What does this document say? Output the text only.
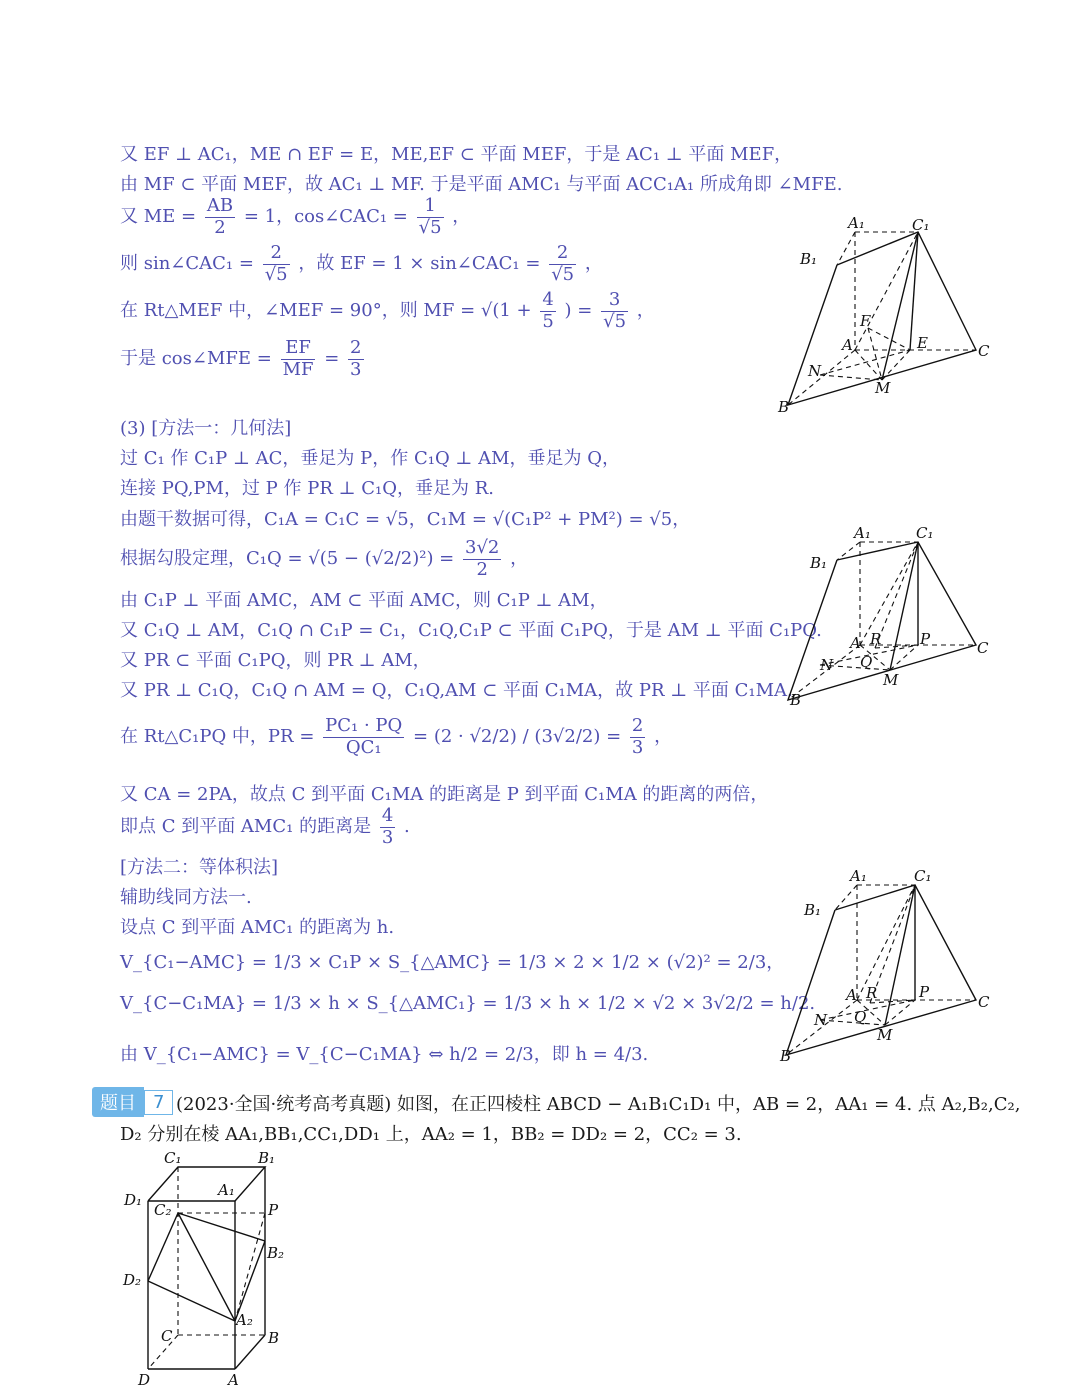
又 EF ⊥ AC₁，ME ∩ EF = E，ME,EF ⊂ 平面 MEF，于是 AC₁ ⊥ 平面 MEF，
由 MF ⊂ 平面 MEF，故 AC₁ ⊥ MF. 于是平面 AMC₁ 与平面 ACC₁A₁ 所成角即 ∠MFE.
又 ME = $\frac{AB}{2} = 1$，cos∠CAC₁ = $\frac{1}{√5}$ ，
则 sin∠CAC₁ = $\frac{2}{√5}$ ，故 EF = 1 × sin∠CAC₁ = $\frac{2}{√5}$ ，
在 Rt△MEF 中，∠MEF = 90°，则 MF = $√(1 + \frac{4}{5}$ ) = $\frac{3}{√5}$ ，
于是 cos∠MFE = $\frac{EF}{MF} = \frac{2}{3}$
(3) [方法一：几何法]
过 C₁ 作 C₁P ⊥ AC，垂足为 P，作 C₁Q ⊥ AM，垂足为 Q，
连接 PQ,PM，过 P 作 PR ⊥ C₁Q，垂足为 R.
由题干数据可得，C₁A = C₁C = √5，C₁M = √(C₁P² + PM²) = √5，
根据勾股定理，$C_1Q = √(5 - (√2/2)^2) = \frac{3√2}{2}$ ，
由 C₁P ⊥ 平面 AMC，AM ⊂ 平面 AMC，则 C₁P ⊥ AM，
又 C₁Q ⊥ AM，C₁Q ∩ C₁P = C₁，C₁Q,C₁P ⊂ 平面 C₁PQ，于是 AM ⊥ 平面 C₁PQ.
又 PR ⊂ 平面 C₁PQ，则 PR ⊥ AM，
又 PR ⊥ C₁Q，C₁Q ∩ AM = Q，C₁Q,AM ⊂ 平面 C₁MA，故 PR ⊥ 平面 C₁MA.
在 Rt△C₁PQ 中，PR = $\frac{\text{PC₁ · PQ}}{\text{QC₁}} = (2 \cdot √2/2) / (3√2/2) = \frac{2}{3}$ ，
又 CA = 2PA，故点 C 到平面 C₁MA 的距离是 P 到平面 C₁MA 的距离的两倍，
即点 C 到平面 AMC₁ 的距离是 $\frac{4}{3}$ .
[方法二：等体积法]
辅助线同方法一.
设点 C 到平面 AMC₁ 的距离为 h.
V_{C₁−AMC} = 1/3 × C₁P × S_{△AMC} = 1/3 × 2 × 1/2 × (√2)² = 2/3，
V_{C−C₁MA} = 1/3 × h × S_{△AMC₁} = 1/3 × h × 1/2 × √2 × 3√2/2 = h/2.
由 V_{C₁−AMC} = V_{C−C₁MA} ⇔ h/2 = 2/3，即 h = 4/3.
题目 7 (2023·全国·统考高考真题) 如图，在正四棱柱 ABCD − A₁B₁C₁D₁ 中，AB = 2，AA₁ = 4. 点 A₂,B₂,C₂,
D₂ 分别在棱 AA₁,BB₁,CC₁,DD₁ 上，AA₂ = 1，BB₂ = DD₂ = 2，CC₂ = 3.
A₁	C₁
B₁
F
A	E	C
N
M
B
A₁	C₁
B₁
A R	P	C
N Q
M
B
A₁	C₁
B₁
A R	P
C
N Q
M
B
C₁	B₁
A₁
D₁
C₂	P
B₂
D₂
C
A₂
B
D	A
